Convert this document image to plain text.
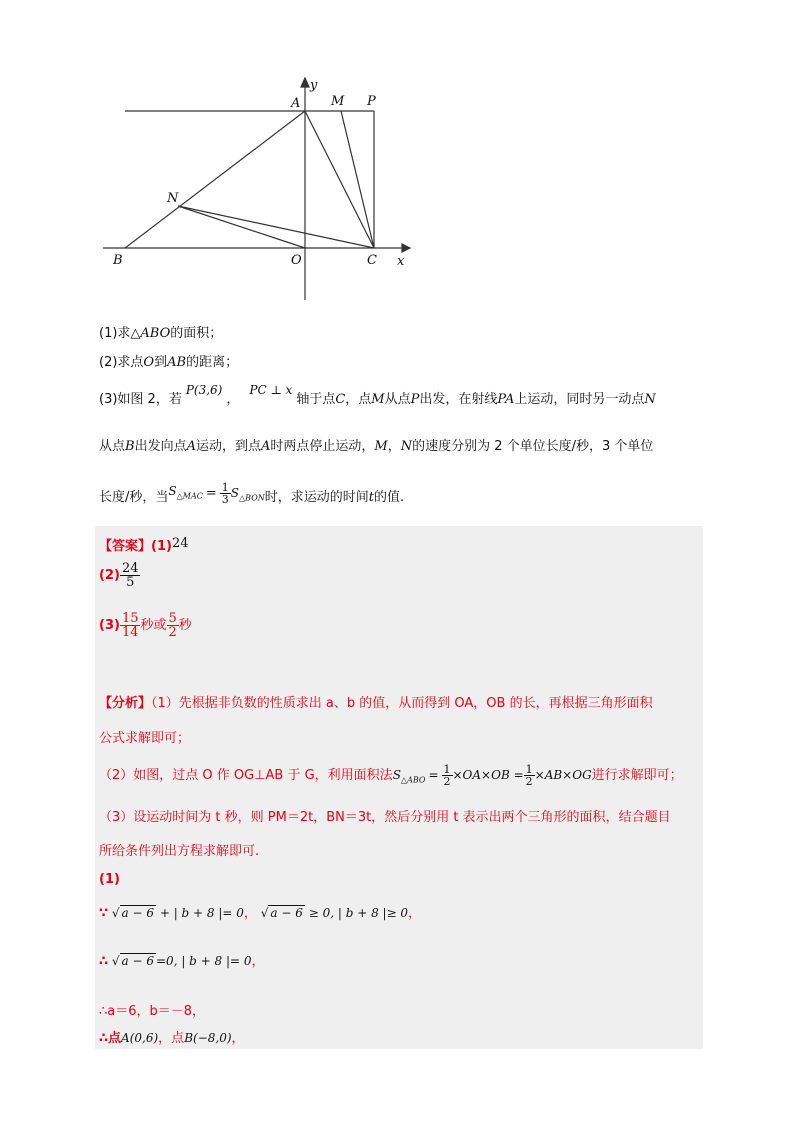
y
x
A M P
N
B	O	C
(1)求△ABO的面积；
(2)求点O到AB的距离；
(3)如图 2，若P(3,6)，PC ⊥ x轴于点C，点M从点P出发，在射线PA上运动，同时另一动点N
从点B出发向点A运动，到点A时两点停止运动，M，N的速度分别为 2 个单位长度/秒，3 个单位
长度/秒，当$S_{\triangle MAC} = \frac{1}{3} S_{\triangle BON}$时，求运动的时间t的值.
【答案】(1)24
$(2) \frac{24}{5}$
$(3) \frac{15}{14}$ 秒或 $\frac{5}{2}$ 秒
【分析】（1）先根据非负数的性质求出 a、b 的值，从而得到 OA，OB 的长，再根据三角形面积
公式求解即可；
（2）如图，过点 O 作 OG⊥AB 于 G，利用面积法$S_{\triangle ABO} = \frac{1}{2} \times OA\times OB = \frac{1}{2} \times AB\times OG$进行求解即可；
（3）设运动时间为 t 秒，则 PM＝2t，BN＝3t，然后分别用 t 表示出两个三角形的面积，结合题目
所给条件列出方程求解即可.
(1)
∵ √ a − 6 + | b + 8 |= 0， √ a − 6 ≥ 0, | b + 8 |≥ 0，
∴ √ a − 6 =0, | b + 8 |= 0，
∴a＝6，b＝－8，
∴点A(0,6)，点B(−8,0)，
